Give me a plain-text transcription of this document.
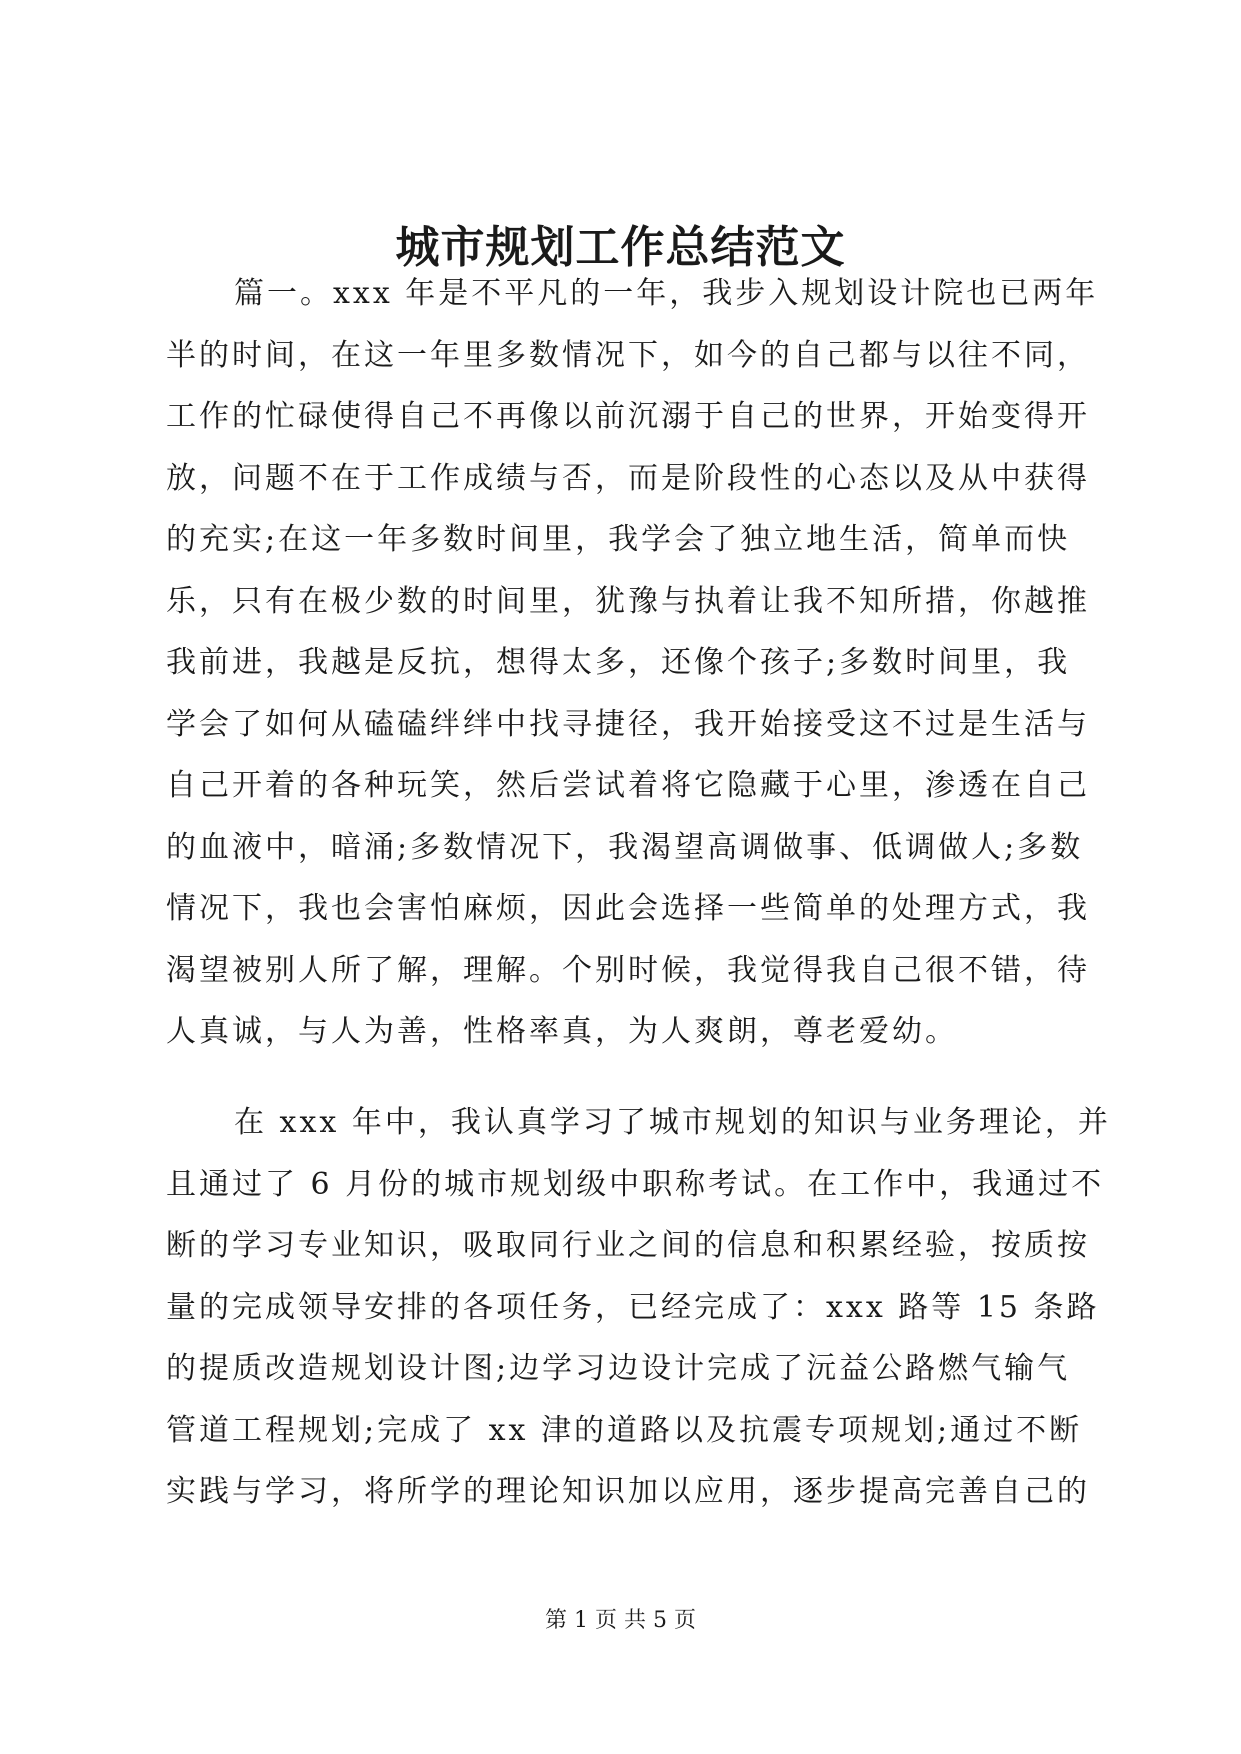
城市规划工作总结范文
篇一。xxx 年是不平凡的一年，我步入规划设计院也已两年
半的时间，在这一年里多数情况下，如今的自己都与以往不同，
工作的忙碌使得自己不再像以前沉溺于自己的世界，开始变得开
放，问题不在于工作成绩与否，而是阶段性的心态以及从中获得
的充实;在这一年多数时间里，我学会了独立地生活，简单而快
乐，只有在极少数的时间里，犹豫与执着让我不知所措，你越推
我前进，我越是反抗，想得太多，还像个孩子;多数时间里，我
学会了如何从磕磕绊绊中找寻捷径，我开始接受这不过是生活与
自己开着的各种玩笑，然后尝试着将它隐藏于心里，渗透在自己
的血液中，暗涌;多数情况下，我渴望高调做事、低调做人;多数
情况下，我也会害怕麻烦，因此会选择一些简单的处理方式，我
渴望被别人所了解，理解。个别时候，我觉得我自己很不错，待
人真诚，与人为善，性格率真，为人爽朗，尊老爱幼。
在 xxx 年中，我认真学习了城市规划的知识与业务理论，并
且通过了 6 月份的城市规划级中职称考试。在工作中，我通过不
断的学习专业知识，吸取同行业之间的信息和积累经验，按质按
量的完成领导安排的各项任务，已经完成了：xxx 路等 15 条路
的提质改造规划设计图;边学习边设计完成了沅益公路燃气输气
管道工程规划;完成了 xx 津的道路以及抗震专项规划;通过不断
实践与学习，将所学的理论知识加以应用，逐步提高完善自己的
第 1 页 共 5 页
